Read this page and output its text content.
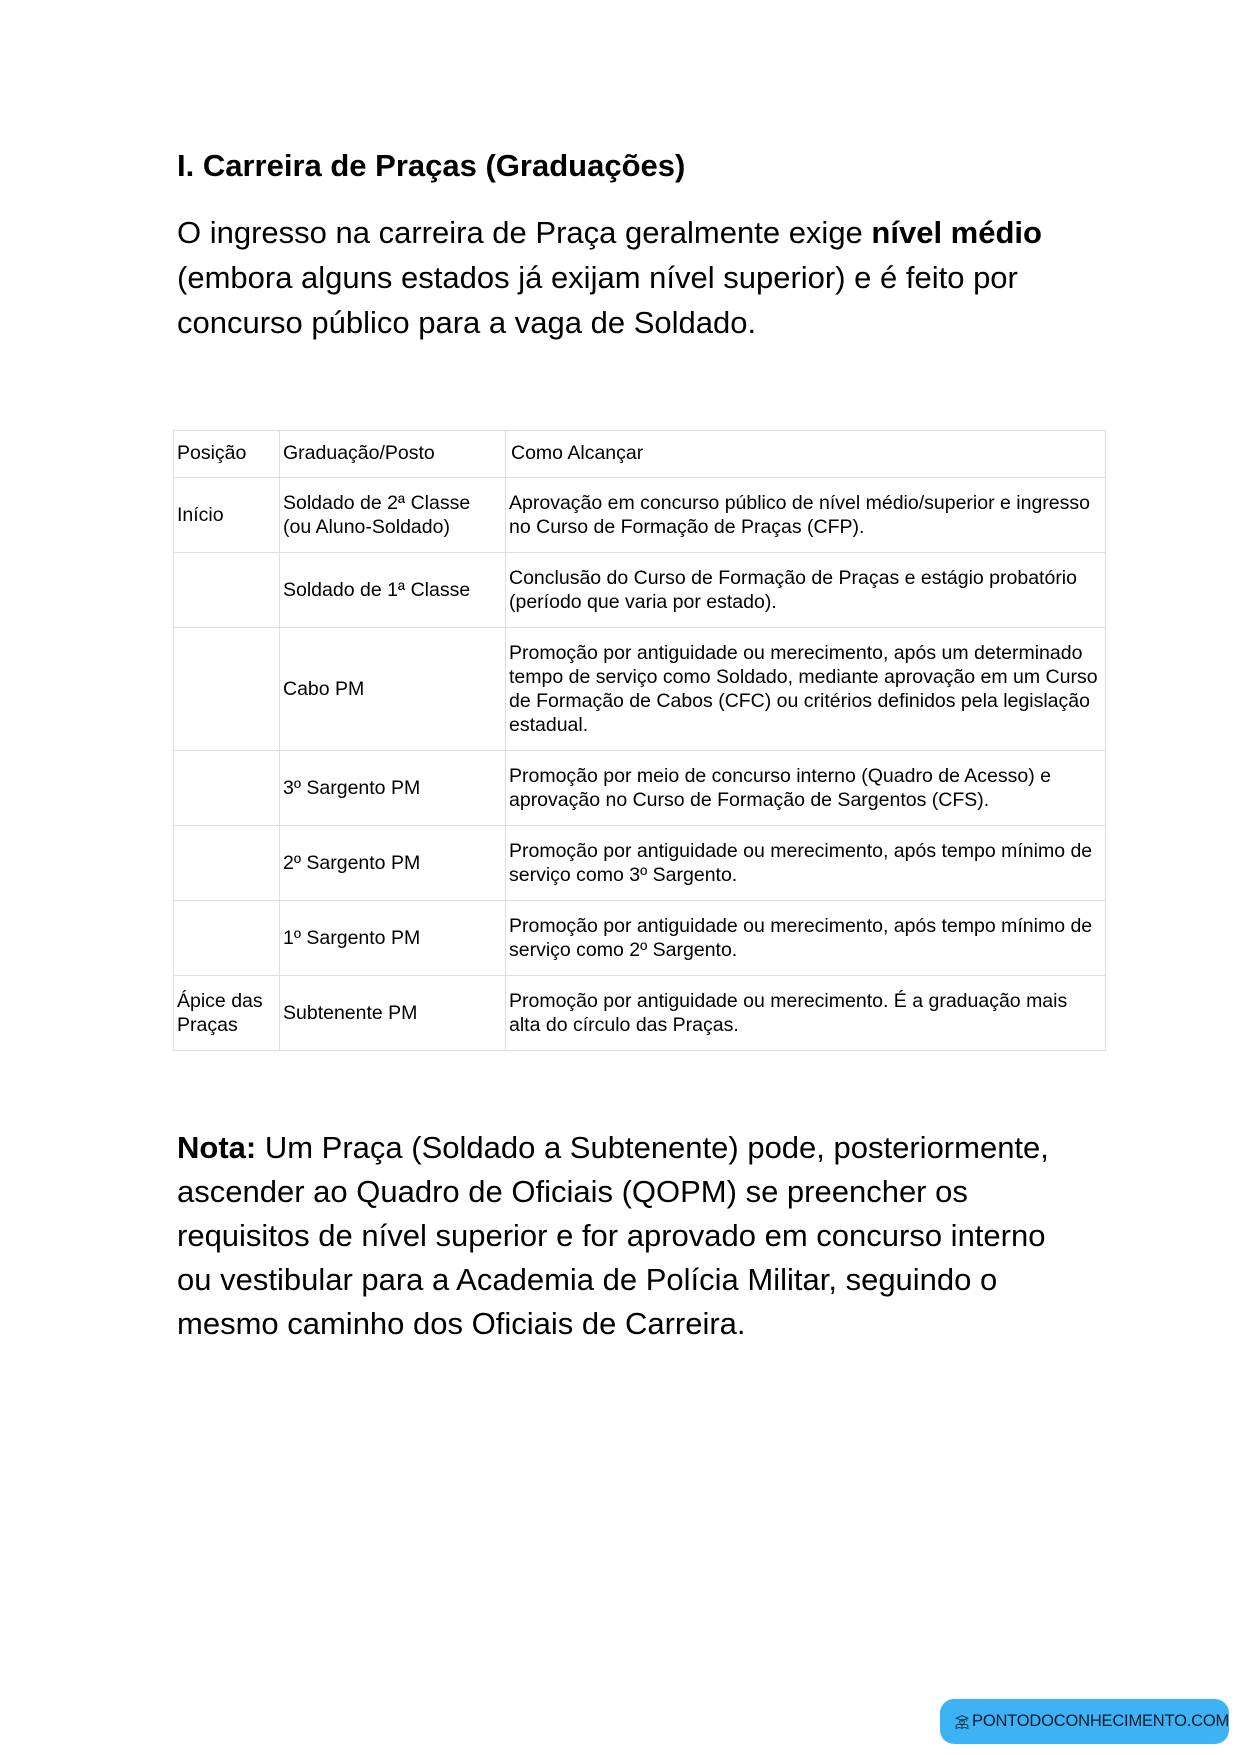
I. Carreira de Praças (Graduações)

O ingresso na carreira de Praça geralmente exige nível médio (embora alguns estados já exijam nível superior) e é feito por concurso público para a vaga de Soldado.

Posição	Graduação/Posto	Como Alcançar
Início	Soldado de 2ª Classe (ou Aluno-Soldado)	Aprovação em concurso público de nível médio/superior e ingresso no Curso de Formação de Praças (CFP).
	Soldado de 1ª Classe	Conclusão do Curso de Formação de Praças e estágio probatório (período que varia por estado).
	Cabo PM	Promoção por antiguidade ou merecimento, após um determinado tempo de serviço como Soldado, mediante aprovação em um Curso de Formação de Cabos (CFC) ou critérios definidos pela legislação estadual.
	3º Sargento PM	Promoção por meio de concurso interno (Quadro de Acesso) e aprovação no Curso de Formação de Sargentos (CFS).
	2º Sargento PM	Promoção por antiguidade ou merecimento, após tempo mínimo de serviço como 3º Sargento.
	1º Sargento PM	Promoção por antiguidade ou merecimento, após tempo mínimo de serviço como 2º Sargento.
Ápice das Praças	Subtenente PM	Promoção por antiguidade ou merecimento. É a graduação mais alta do círculo das Praças.

Nota: Um Praça (Soldado a Subtenente) pode, posteriormente, ascender ao Quadro de Oficiais (QOPM) se preencher os requisitos de nível superior e for aprovado em concurso interno ou vestibular para a Academia de Polícia Militar, seguindo o mesmo caminho dos Oficiais de Carreira.

PONTODOCONHECIMENTO.COM
